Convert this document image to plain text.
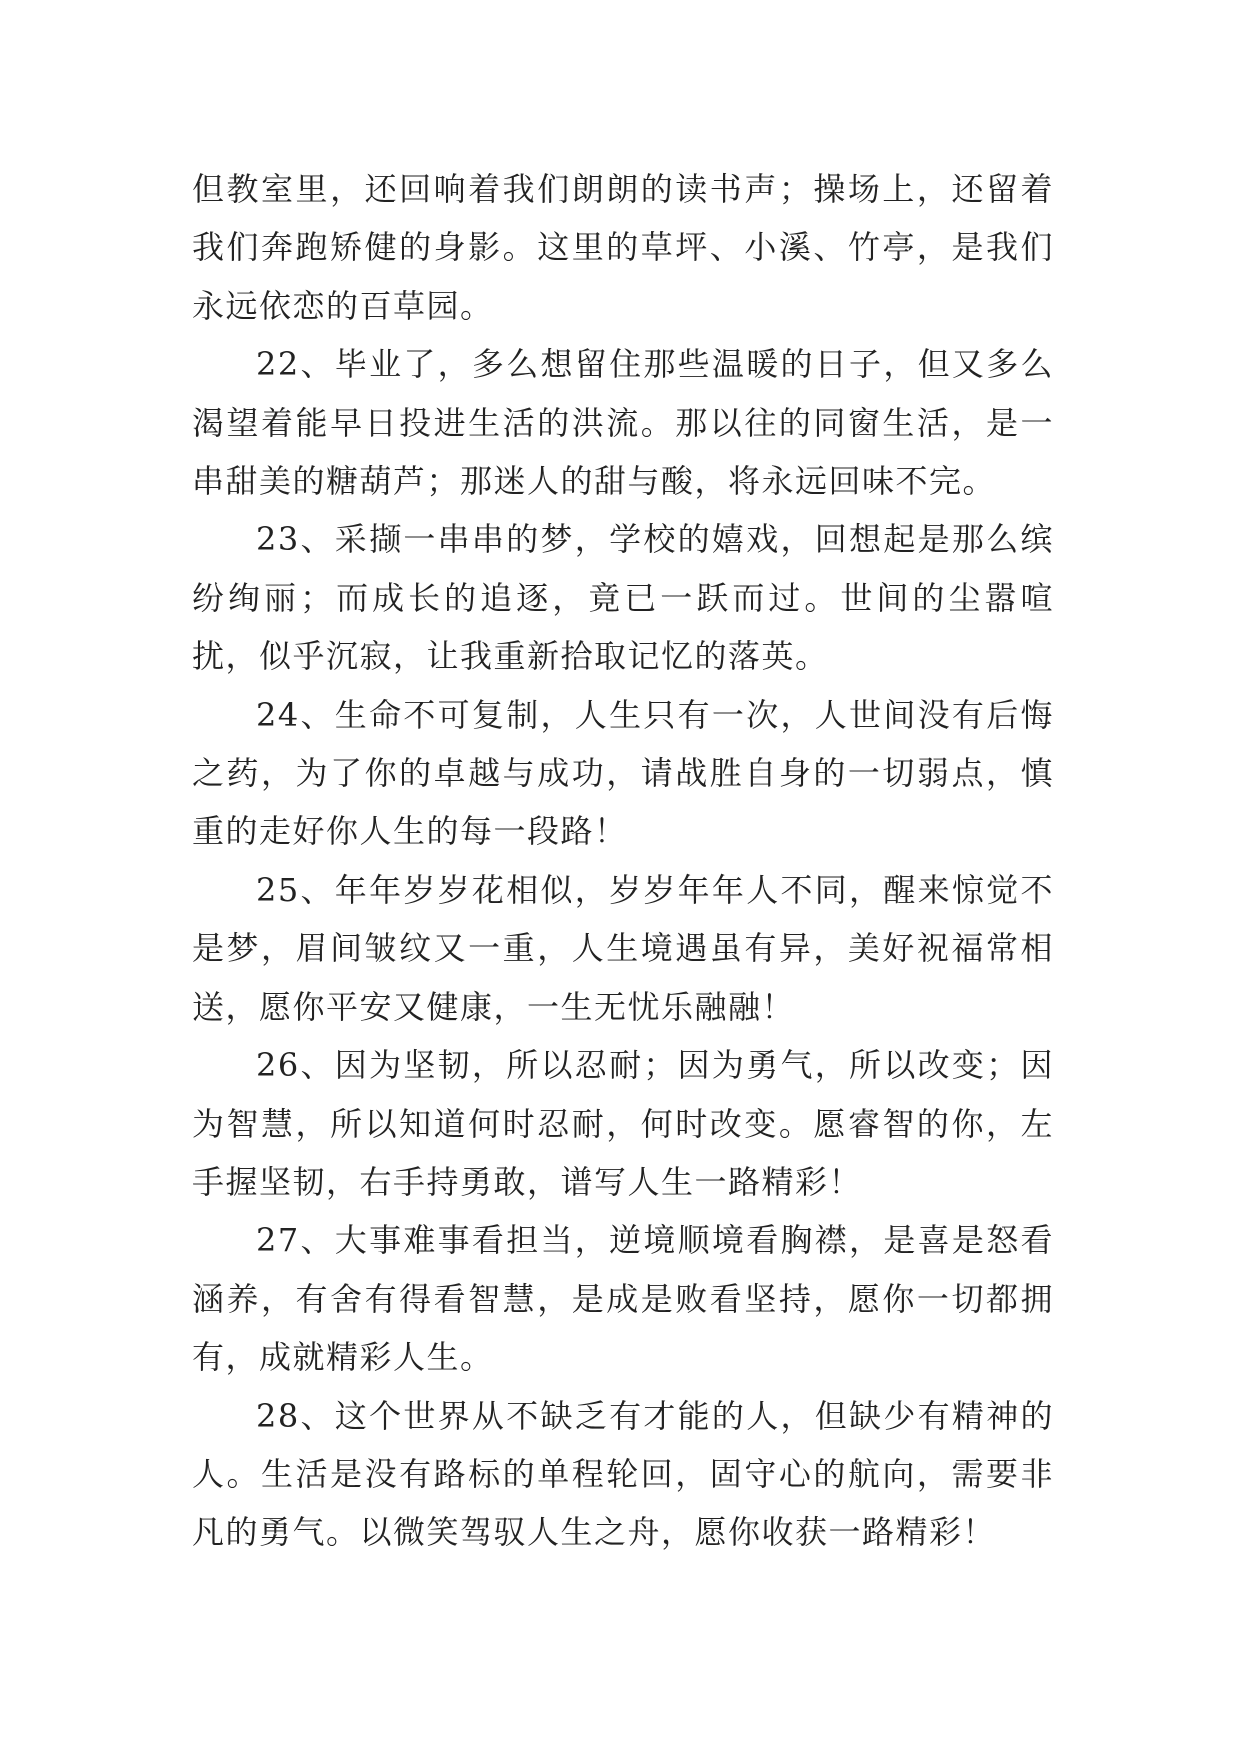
但教室里，还回响着我们朗朗的读书声；操场上，还留着我们奔跑矫健的身影。这里的草坪、小溪、竹亭，是我们永远依恋的百草园。

22、毕业了，多么想留住那些温暖的日子，但又多么渴望着能早日投进生活的洪流。那以往的同窗生活，是一串甜美的糖葫芦；那迷人的甜与酸，将永远回味不完。

23、采撷一串串的梦，学校的嬉戏，回想起是那么缤纷绚丽；而成长的追逐，竟已一跃而过。世间的尘嚣喧扰，似乎沉寂，让我重新拾取记忆的落英。

24、生命不可复制，人生只有一次，人世间没有后悔之药，为了你的卓越与成功，请战胜自身的一切弱点，慎重的走好你人生的每一段路！

25、年年岁岁花相似，岁岁年年人不同，醒来惊觉不是梦，眉间皱纹又一重，人生境遇虽有异，美好祝福常相送，愿你平安又健康，一生无忧乐融融！

26、因为坚韧，所以忍耐；因为勇气，所以改变；因为智慧，所以知道何时忍耐，何时改变。愿睿智的你，左手握坚韧，右手持勇敢，谱写人生一路精彩！

27、大事难事看担当，逆境顺境看胸襟，是喜是怒看涵养，有舍有得看智慧，是成是败看坚持，愿你一切都拥有，成就精彩人生。

28、这个世界从不缺乏有才能的人，但缺少有精神的人。生活是没有路标的单程轮回，固守心的航向，需要非凡的勇气。以微笑驾驭人生之舟，愿你收获一路精彩！
